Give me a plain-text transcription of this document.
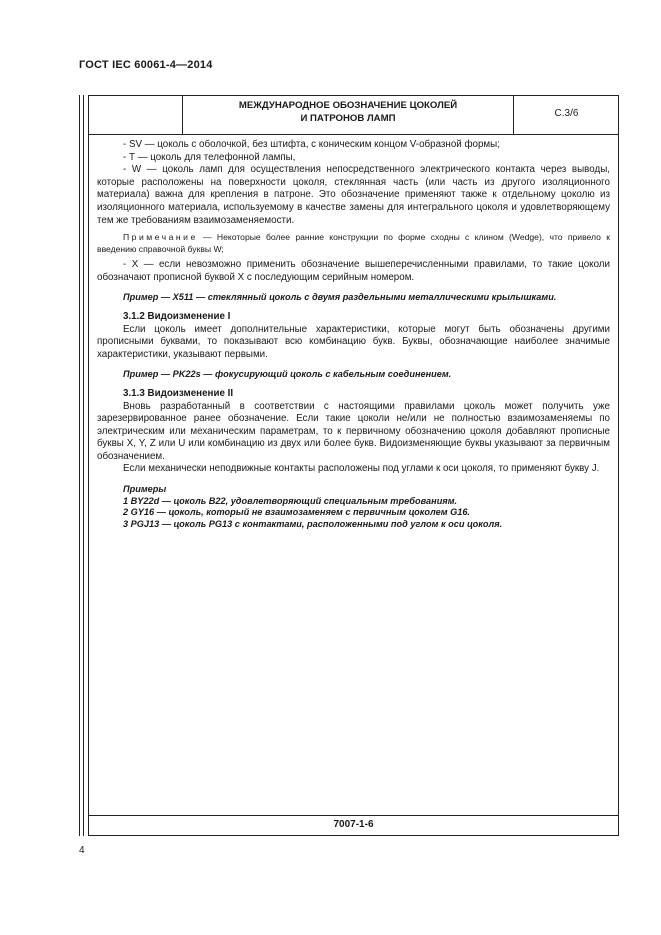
ГОСТ IEC 60061-4—2014
МЕЖДУНАРОДНОЕ ОБОЗНАЧЕНИЕ ЦОКОЛЕЙ
И ПАТРОНОВ ЛАМП	С.3/6

- SV — цоколь с оболочкой, без штифта, с коническим концом V-образной формы;

- Т — цоколь для телефонной лампы,

- W — цоколь ламп для осуществления непосредственного электрического контакта через выводы, которые расположены на поверхности цоколя, стеклянная часть (или часть из другого изоляционного материала) важна для крепления в патроне. Это обозначение применяют также к отдельному цоколю из изоляционного материала, используемому в качестве замены для интегрального цоколя и удовлетворяющему тем же требованиям взаимозаменяемости.

Примечание — Некоторые более ранние конструкции по форме сходны с клином (Wedge), что привело к введению справочной буквы W;

- X — если невозможно применить обозначение вышеперечисленными правилами, то такие цоколи обозначают прописной буквой X с последующим серийным номером.

Пример — X511 — стеклянный цоколь с двумя раздельными металлическими крылышками.

3.1.2 Видоизменение I

Если цоколь имеет дополнительные характеристики, которые могут быть обозначены другими прописными буквами, то показывают всю комбинацию букв. Буквы, обозначающие наиболее значимые характеристики, указывают первыми.

Пример — PK22s — фокусирующий цоколь с кабельным соединением.

3.1.3 Видоизменение II

Вновь разработанный в соответствии с настоящими правилами цоколь может получить уже зарезервированное ранее обозначение. Если такие цоколи не/или не полностью взаимозаменяемы по электрическим или механическим параметрам, то к первичному обозначению цоколя добавляют прописные буквы X, Y, Z или U или комбинацию из двух или более букв. Видоизменяющие буквы указывают за первичным обозначением.

Если механически неподвижные контакты расположены под углами к оси цоколя, то применяют букву J.

Примеры

1 BY22d — цоколь B22, удовлетворяющий специальным требованиям.

2 GY16 — цоколь, который не взаимозаменяем с первичным цоколем G16.

3 PGJ13 — цоколь PG13 с контактами, расположенными под углом к оси цоколя.

7007-1-6
4
